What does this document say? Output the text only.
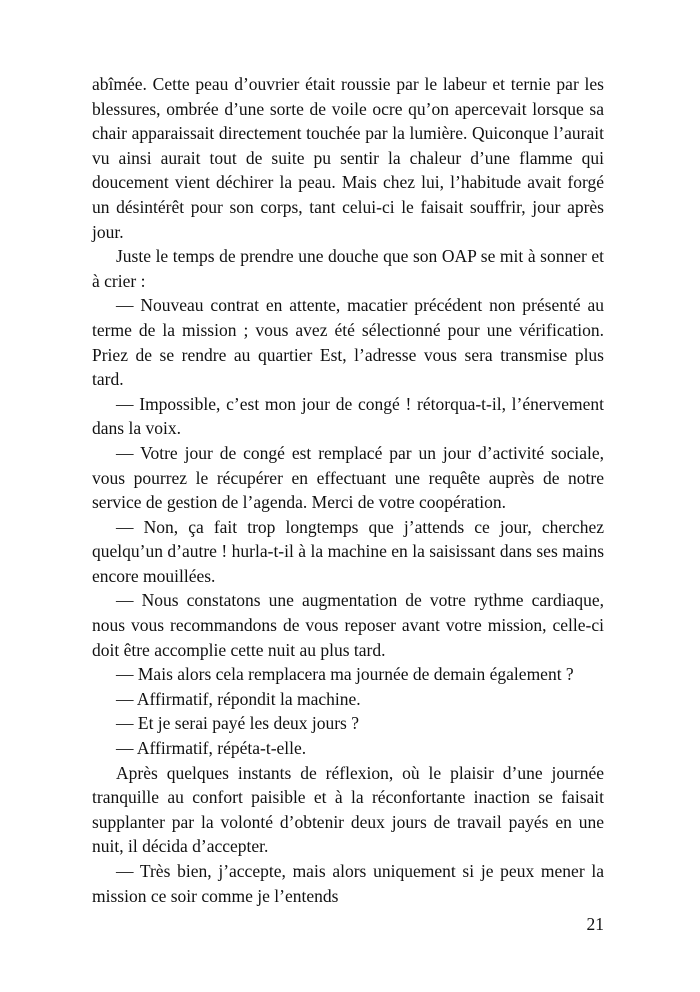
abîmée. Cette peau d’ouvrier était roussie par le labeur et ternie par les blessures, ombrée d’une sorte de voile ocre qu’on apercevait lorsque sa chair apparaissait directement touchée par la lumière. Quiconque l’aurait vu ainsi aurait tout de suite pu sentir la chaleur d’une flamme qui doucement vient déchirer la peau. Mais chez lui, l’habitude avait forgé un désintérêt pour son corps, tant celui-ci le faisait souffrir, jour après jour.

Juste le temps de prendre une douche que son OAP se mit à sonner et à crier :

— Nouveau contrat en attente, macatier précédent non présenté au terme de la mission ; vous avez été sélectionné pour une vérification. Priez de se rendre au quartier Est, l’adresse vous sera transmise plus tard.

— Impossible, c’est mon jour de congé ! rétorqua-t-il, l’énervement dans la voix.

— Votre jour de congé est remplacé par un jour d’activité sociale, vous pourrez le récupérer en effectuant une requête auprès de notre service de gestion de l’agenda. Merci de votre coopération.

— Non, ça fait trop longtemps que j’attends ce jour, cherchez quelqu’un d’autre ! hurla-t-il à la machine en la saisissant dans ses mains encore mouillées.

— Nous constatons une augmentation de votre rythme cardiaque, nous vous recommandons de vous reposer avant votre mission, celle-ci doit être accomplie cette nuit au plus tard.

— Mais alors cela remplacera ma journée de demain également ?

— Affirmatif, répondit la machine.

— Et je serai payé les deux jours ?

— Affirmatif, répéta-t-elle.

Après quelques instants de réflexion, où le plaisir d’une journée tranquille au confort paisible et à la réconfortante inaction se faisait supplanter par la volonté d’obtenir deux jours de travail payés en une nuit, il décida d’accepter.

— Très bien, j’accepte, mais alors uniquement si je peux mener la mission ce soir comme je l’entends

21
